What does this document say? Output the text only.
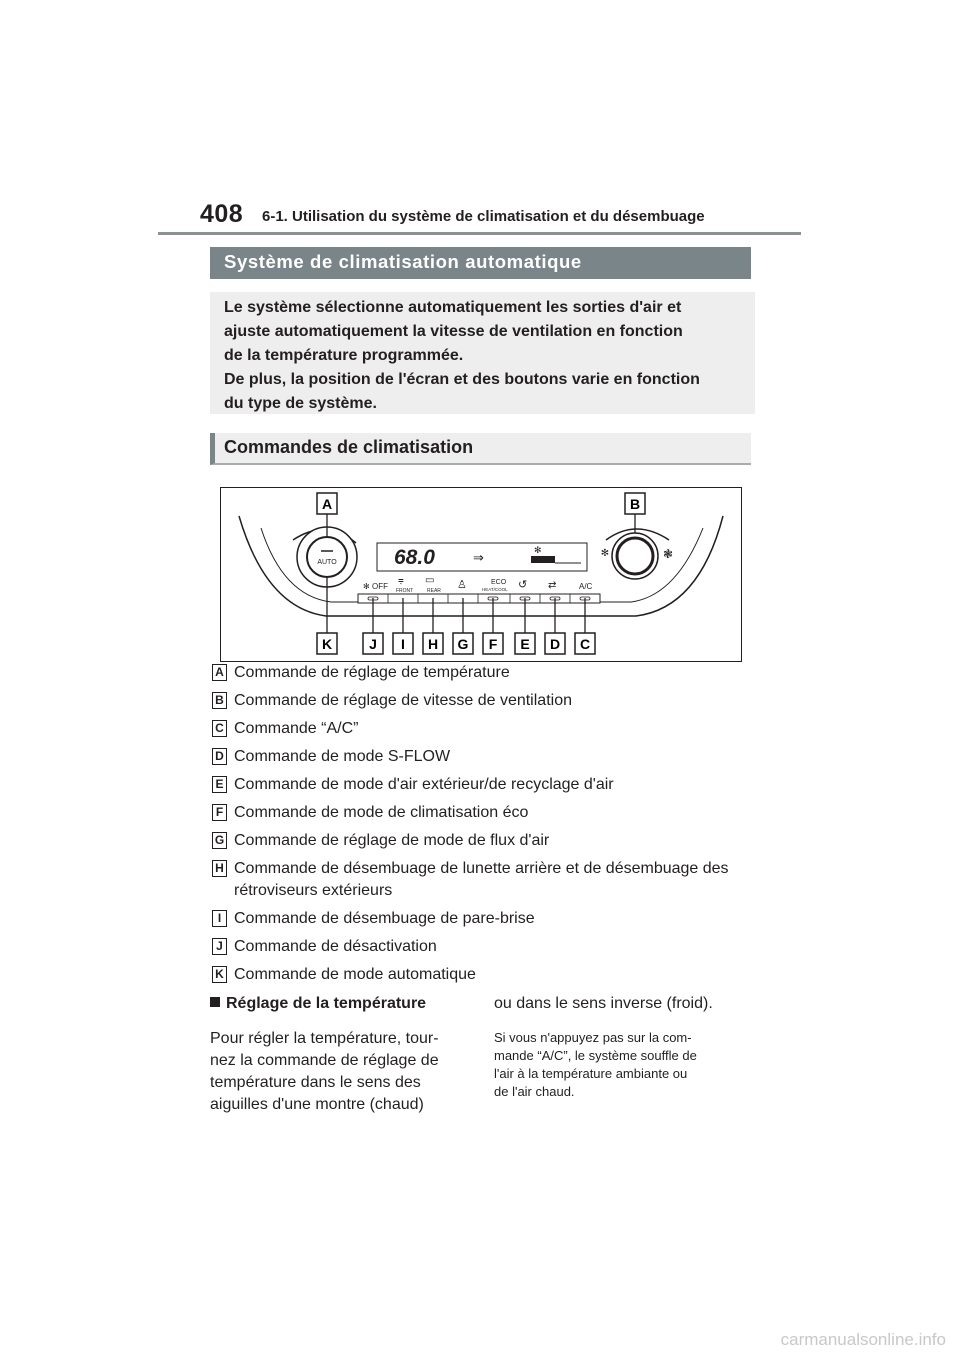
408 6-1. Utilisation du système de climatisation et du désembuage
Système de climatisation automatique

Le système sélectionne automatiquement les sorties d'air et
ajuste automatiquement la vitesse de ventilation en fonction
de la température programmée.
De plus, la position de l'écran et des boutons varie en fonction
du type de système.

Commandes de climatisation
AUTO
✻	❃
68.0	⇒	✻
✻ OFF
⩦
FRONT
▭
REAR ♙	ECO
HEAT/COOL ↺ ⇄	A/C
A	B
K	J I H G F E D C
A Commande de réglage de température
B Commande de réglage de vitesse de ventilation
C Commande “A/C”
D Commande de mode S-FLOW
E Commande de mode d'air extérieur/de recyclage d'air
F Commande de mode de climatisation éco
G Commande de réglage de mode de flux d'air
H Commande de désembuage de lunette arrière et de désembuage des rétroviseurs extérieurs
I Commande de désembuage de pare-brise
J Commande de désactivation
K Commande de mode automatique
Réglage de la température
Pour régler la température, tour-
nez la commande de réglage de
température dans le sens des
aiguilles d'une montre (chaud)
ou dans le sens inverse (froid).
Si vous n'appuyez pas sur la com-
mande “A/C”, le système souffle de
l'air à la température ambiante ou
de l'air chaud.
carmanualsonline.info
